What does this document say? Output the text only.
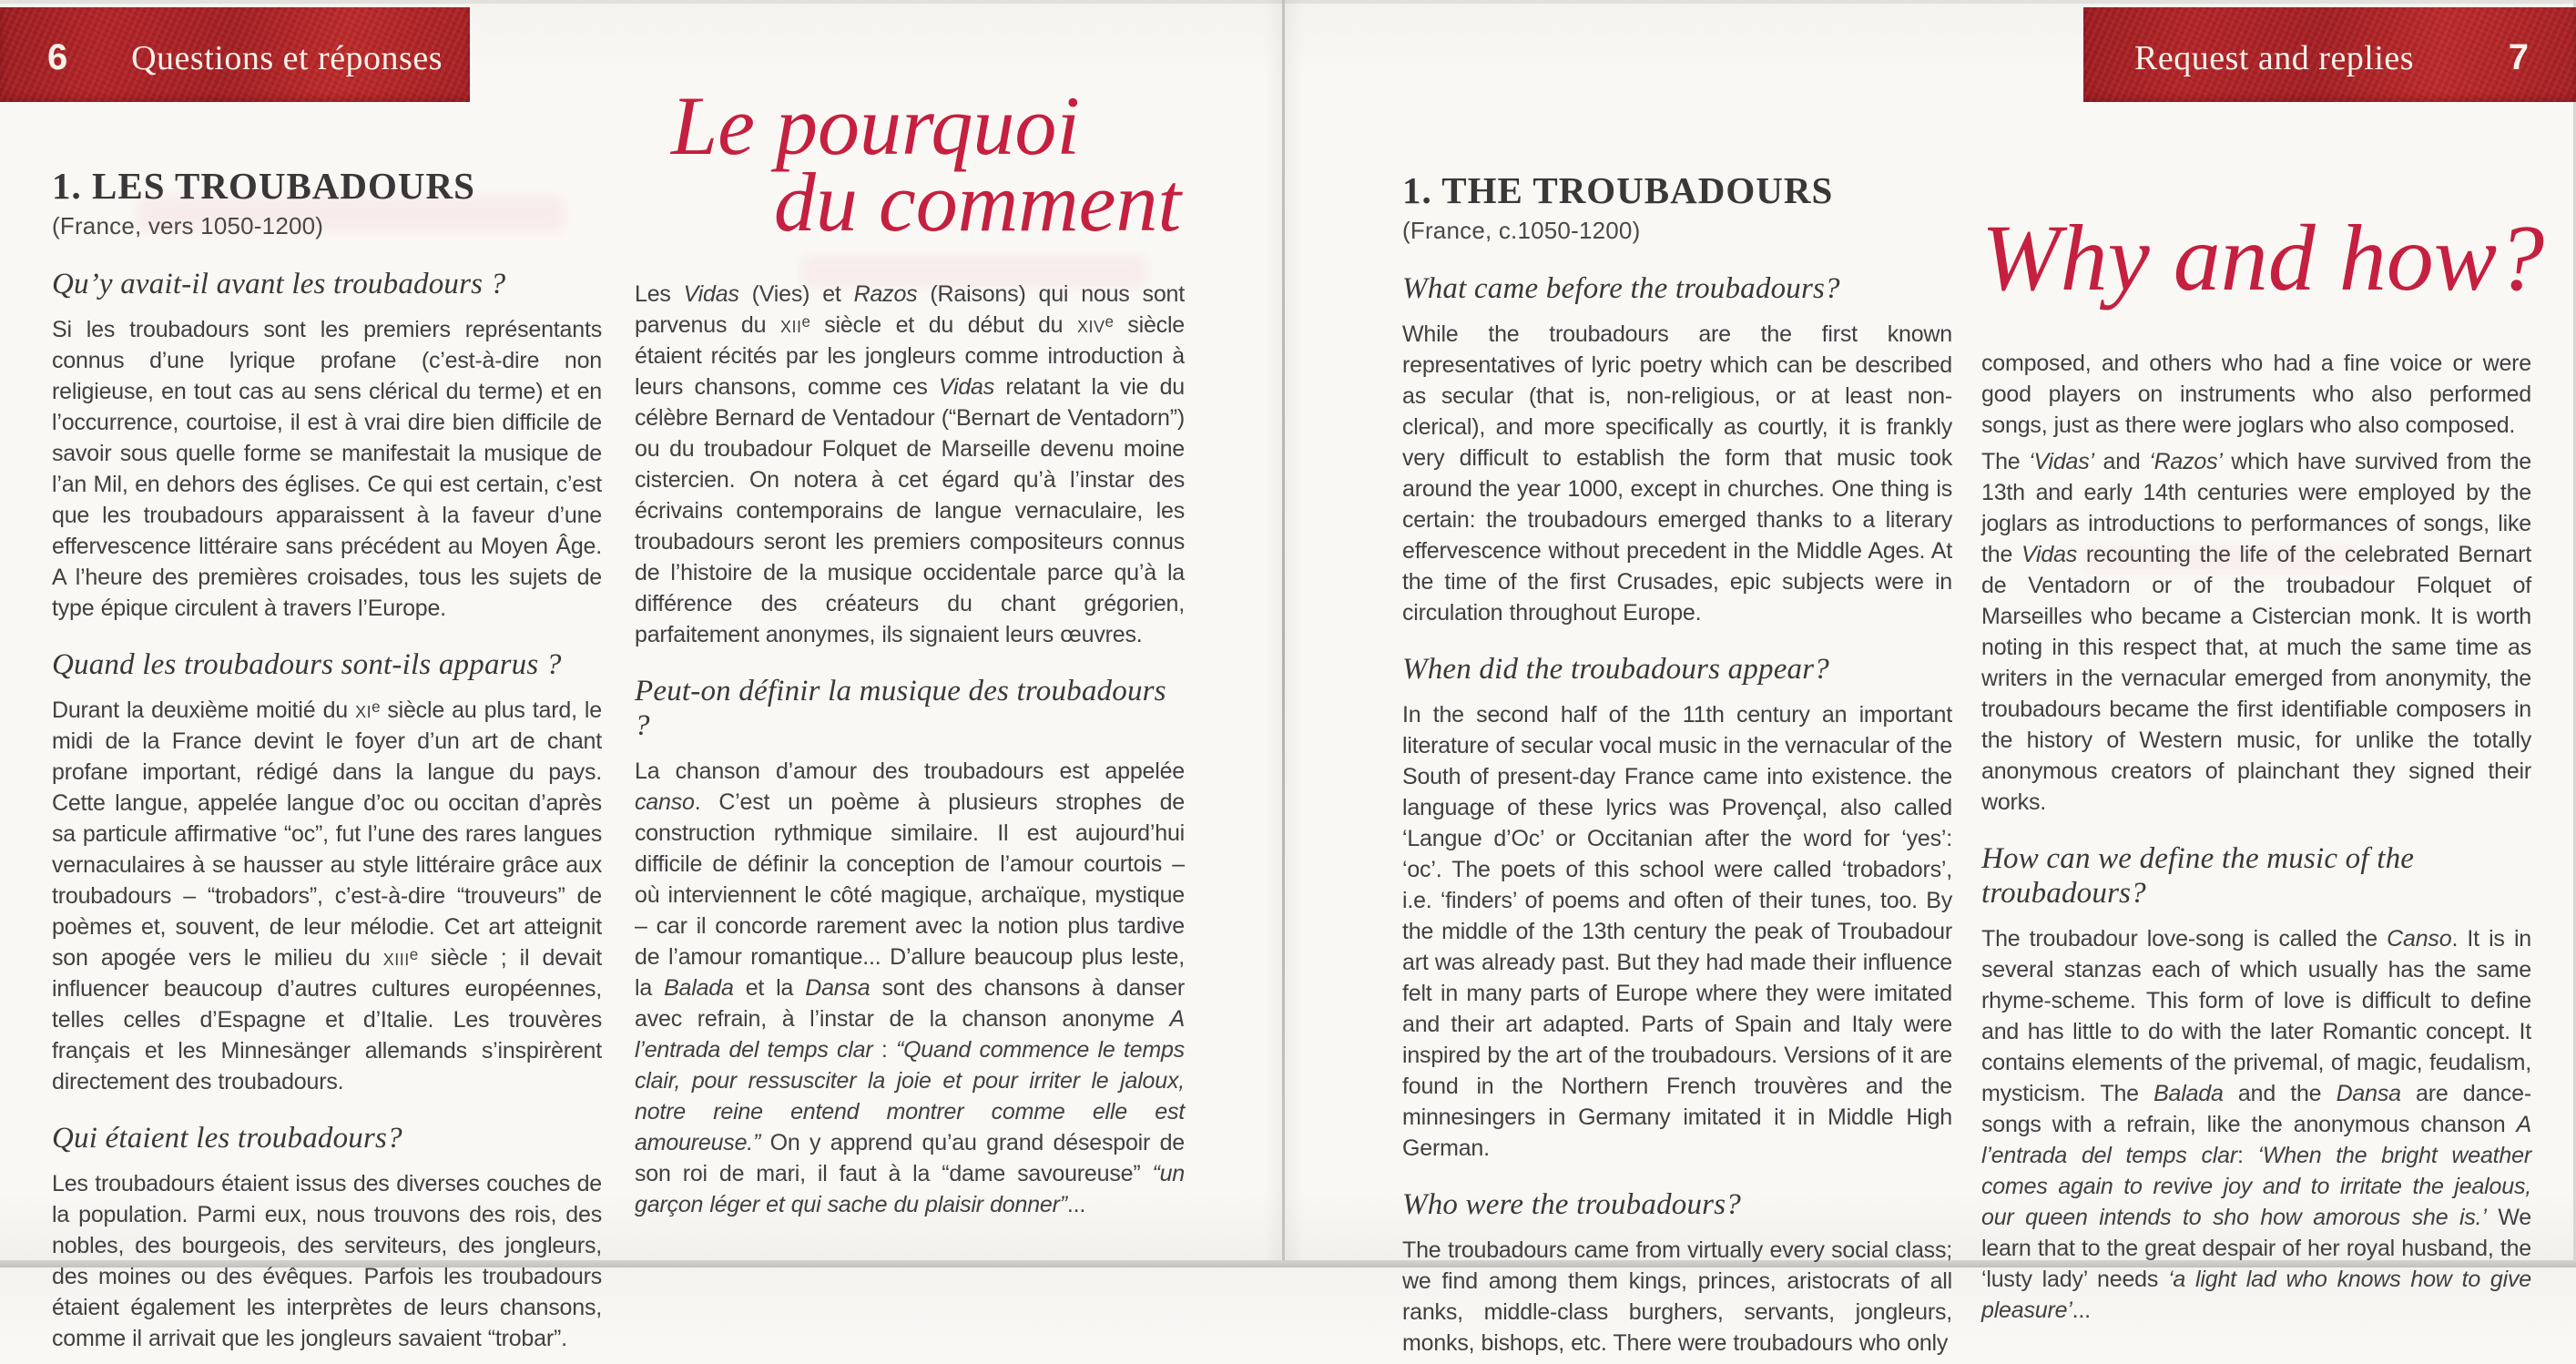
6 Questions et réponses	Request and replies	7
1. LES TROUBADOURS
(France, vers 1050-1200)
Qu’y avait-il avant les troubadours ?

Si les troubadours sont les premiers représentants connus d’une lyrique profane (c’est-à-dire non religieuse, en tout cas au sens clérical du terme) et en l’occurrence, courtoise, il est à vrai dire bien difficile de savoir sous quelle forme se manifestait la musique de l’an Mil, en dehors des églises. Ce qui est certain, c’est que les troubadours apparaissent à la faveur d’une effervescence littéraire sans précédent au Moyen Âge. A l’heure des premières croisades, tous les sujets de type épique circulent à travers l’Europe.

Quand les troubadours sont-ils apparus ?

Durant la deuxième moitié du xiᵉ siècle au plus tard, le midi de la France devint le foyer d’un art de chant profane important, rédigé dans la langue du pays. Cette langue, appelée langue d’oc ou occitan d’après sa particule affirmative “oc”, fut l’une des rares langues vernaculaires à se hausser au style littéraire grâce aux troubadours – “trobadors”, c’est-à-dire “trouveurs” de poèmes et, souvent, de leur mélodie. Cet art atteignit son apogée vers le milieu du xiiiᵉ siècle ; il devait influencer beaucoup d’autres cultures européennes, telles celles d’Espagne et d’Italie. Les trouvères français et les Minnesänger allemands s’inspirèrent directement des troubadours.

Qui étaient les troubadours?

Les troubadours étaient issus des diverses couches de la population. Parmi eux, nous trouvons des rois, des nobles, des bourgeois, des serviteurs, des jongleurs, des moines ou des évêques. Parfois les troubadours étaient également les interprètes de leurs chansons, comme il arrivait que les jongleurs savaient “trobar”.

Le pourquoi
du comment

Les Vidas (Vies) et Razos (Raisons) qui nous sont parvenus du xiiᵉ siècle et du début du xivᵉ siècle étaient récités par les jongleurs comme introduction à leurs chansons, comme ces Vidas relatant la vie du célèbre Bernard de Ventadour (“Bernart de Ventadorn”) ou du troubadour Folquet de Marseille devenu moine cistercien. On notera à cet égard qu’à l’instar des écrivains contemporains de langue vernaculaire, les troubadours seront les premiers compositeurs connus de l’histoire de la musique occidentale parce qu’à la différence des créateurs du chant grégorien, parfaitement anonymes, ils signaient leurs œuvres.

Peut-on définir la musique des troubadours ?

La chanson d’amour des troubadours est appelée canso. C’est un poème à plusieurs strophes de construction rythmique similaire. Il est aujourd’hui difficile de définir la conception de l’amour courtois – où interviennent le côté magique, archaïque, mystique – car il concorde rarement avec la notion plus tardive de l’amour romantique... D’allure beaucoup plus leste, la Balada et la Dansa sont des chansons à danser avec refrain, à l’instar de la chanson anonyme A l’entrada del temps clar : “Quand commence le temps clair, pour ressusciter la joie et pour irriter le jaloux, notre reine entend montrer comme elle est amoureuse.” On y apprend qu’au grand désespoir de son roi de mari, il faut à la “dame savoureuse” “un garçon léger et qui sache du plaisir donner”...

1. THE TROUBADOURS
(France, c.1050-1200)
What came before the troubadours?

While the troubadours are the first known representatives of lyric poetry which can be described as secular (that is, non-religious, or at least non-clerical), and more specifically as courtly, it is frankly very difficult to establish the form that music took around the year 1000, except in churches. One thing is certain: the troubadours emerged thanks to a literary effervescence without precedent in the Middle Ages. At the time of the first Crusades, epic subjects were in circulation throughout Europe.

When did the troubadours appear?

In the second half of the 11th century an important literature of secular vocal music in the vernacular of the South of present-day France came into existence. the language of these lyrics was Provençal, also called ‘Langue d’Oc’ or Occitanian after the word for ‘yes’: ‘oc’. The poets of this school were called ‘trobadors’, i.e. ‘finders’ of poems and often of their tunes, too. By the middle of the 13th century the peak of Troubadour art was already past. But they had made their influence felt in many parts of Europe where they were imitated and their art adapted. Parts of Spain and Italy were inspired by the art of the troubadours. Versions of it are found in the Northern French trouvères and the minnesingers in Germany imitated it in Middle High German.

Who were the troubadours?

The troubadours came from virtually every social class; we find among them kings, princes, aristocrats of all ranks, middle-class burghers, servants, jongleurs, monks, bishops, etc. There were troubadours who only

Why and how?

composed, and others who had a fine voice or were good players on instruments who also performed songs, just as there were joglars who also composed.

The ‘Vidas’ and ‘Razos’ which have survived from the 13th and early 14th centuries were employed by the joglars as introductions to performances of songs, like the Vidas recounting the life of the celebrated Bernart de Ventadorn or of the troubadour Folquet of Marseilles who became a Cistercian monk. It is worth noting in this respect that, at much the same time as writers in the vernacular emerged from anonymity, the troubadours became the first identifiable composers in the history of Western music, for unlike the totally anonymous creators of plainchant they signed their works.

How can we define the music of the troubadours?

The troubadour love-song is called the Canso. It is in several stanzas each of which usually has the same rhyme-scheme. This form of love is difficult to define and has little to do with the later Romantic concept. It contains elements of the privemal, of magic, feudalism, mysticism. The Balada and the Dansa are dance-songs with a refrain, like the anonymous chanson A l’entrada del temps clar: ‘When the bright weather comes again to revive joy and to irritate the jealous, our queen intends to sho how amorous she is.’ We learn that to the great despair of her royal husband, the ‘lusty lady’ needs ‘a light lad who knows how to give pleasure’...
